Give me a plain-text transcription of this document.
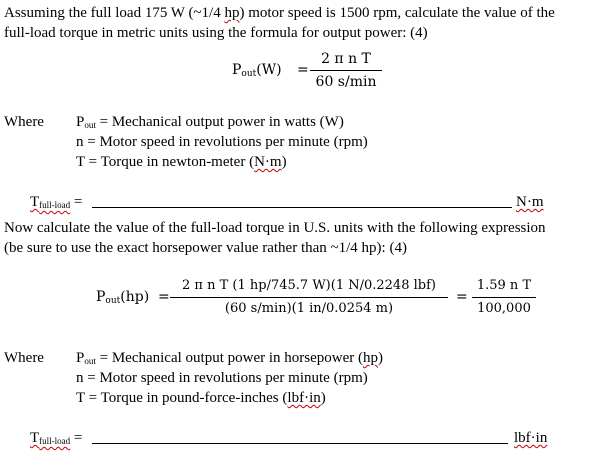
Assuming the full load 175 W (~1/4 hp) motor speed is 1500 rpm, calculate the value of the
full-load torque in metric units using the formula for output power: (4)
$P_{out}(W)$ =
2 π n T
60 s/min
Where $P_{out}$ = Mechanical output power in watts (W)
n = Motor speed in revolutions per minute (rpm)
T = Torque in newton-meter (N·m)
$T_{full-load}$ =	N·m
Now calculate the value of the full-load torque in U.S. units with the following expression
(be sure to use the exact horsepower value rather than ~1/4 hp): (4)
$P_{out}(hp)$ =
2 π n T (1 hp/745.7 W)(1 N/0.2248 lbf)
(60 s/min)(1 in/0.0254 m)
=
1.59 n T
100,000
Where $P_{out}$ = Mechanical output power in horsepower (hp)
n = Motor speed in revolutions per minute (rpm)
T = Torque in pound-force-inches (lbf·in)
$T_{full-load}$ =	lbf·in
